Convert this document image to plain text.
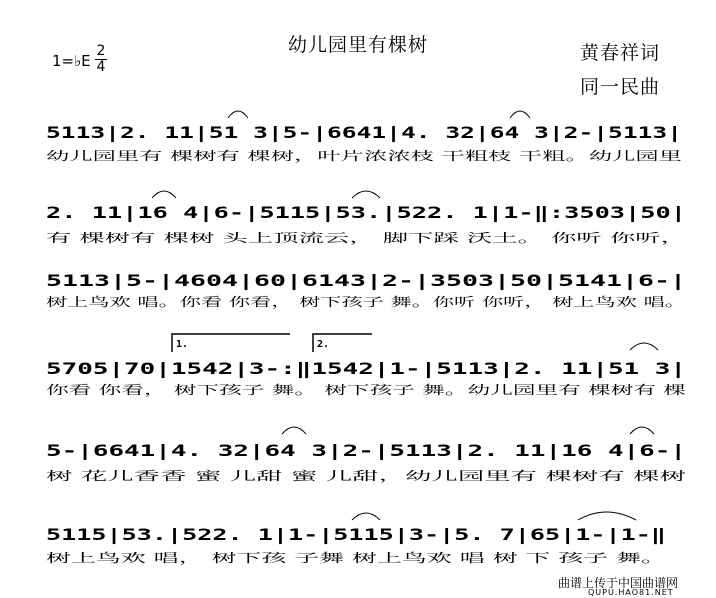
幼儿园里有棵树	黄春祥词
同一民曲
1=♭E
2
4
5113|2. 11|51 3|5-|6641|4. 32|64 3|2-|5113|
幼儿园里有 棵树有 棵树，叶片浓浓枝 干粗枝 干粗。幼儿园里
2. 11|16 4|6-|5115|53.|522. 1|1-‖:3503|50|
有 棵树有 棵树 头上顶流云， 脚下踩 沃土。 你听 你听，
5113|5-|4604|60|6143|2-|3503|50|5141|6-|
树上鸟欢 唱。你看 你看， 树下孩子 舞。你听 你听， 树上鸟欢 唱。
1.	2.
5705|70|1542|3-:‖1542|1-|5113|2. 11|51 3|
你看 你看， 树下孩子 舞。 树下孩子 舞。幼儿园里有 棵树有 棵
5-|6641|4. 32|64 3|2-|5113|2. 11|16 4|6-|
树 花儿香香 蜜 儿甜 蜜 儿甜，幼儿园里有 棵树有 棵树
5115|53.|522. 1|1-|5115|3-|5. 7|65|1-|1-‖
树上鸟欢 唱， 树下孩 子舞 树上鸟欢 唱 树 下 孩子 舞。
曲谱上传于中国曲谱网
QUPU.HAO81.NET
